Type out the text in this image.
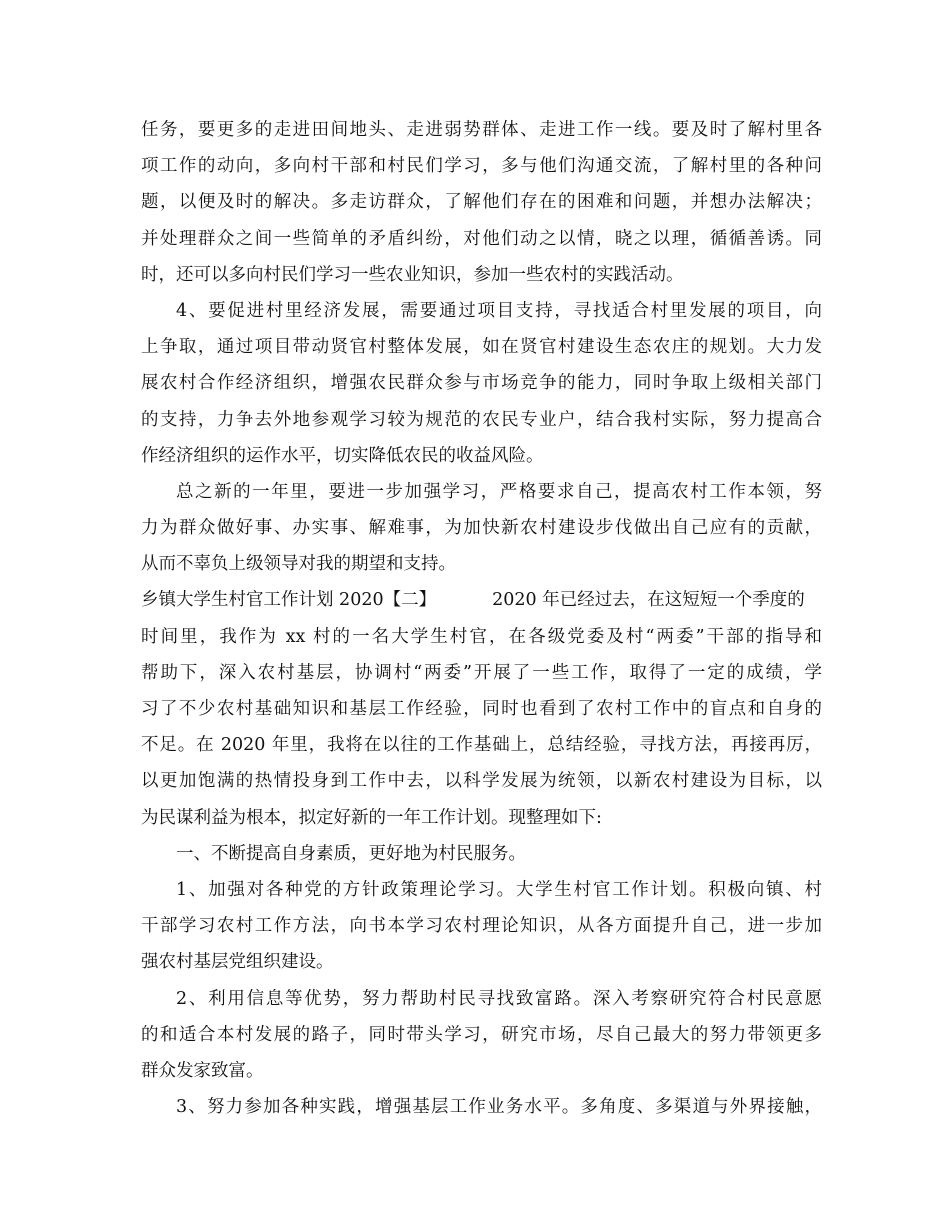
任务，要更多的走进田间地头、走进弱势群体、走进工作一线。要及时了解村里各
项工作的动向，多向村干部和村民们学习，多与他们沟通交流，了解村里的各种问
题，以便及时的解决。多走访群众，了解他们存在的困难和问题，并想办法解决；
并处理群众之间一些简单的矛盾纠纷，对他们动之以情，晓之以理，循循善诱。同
时，还可以多向村民们学习一些农业知识，参加一些农村的实践活动。
4、要促进村里经济发展，需要通过项目支持，寻找适合村里发展的项目，向
上争取，通过项目带动贤官村整体发展，如在贤官村建设生态农庄的规划。大力发
展农村合作经济组织，增强农民群众参与市场竞争的能力，同时争取上级相关部门
的支持，力争去外地参观学习较为规范的农民专业户，结合我村实际，努力提高合
作经济组织的运作水平，切实降低农民的收益风险。
总之新的一年里，要进一步加强学习，严格要求自己，提高农村工作本领，努
力为群众做好事、办实事、解难事，为加快新农村建设步伐做出自己应有的贡献，
从而不辜负上级领导对我的期望和支持。
乡镇大学生村官工作计划 2020【二】	2020 年已经过去，在这短短一个季度的
时间里，我作为 xx 村的一名大学生村官，在各级党委及村“两委”干部的指导和
帮助下，深入农村基层，协调村“两委”开展了一些工作，取得了一定的成绩，学
习了不少农村基础知识和基层工作经验，同时也看到了农村工作中的盲点和自身的
不足。在 2020 年里，我将在以往的工作基础上，总结经验，寻找方法，再接再厉，
以更加饱满的热情投身到工作中去，以科学发展为统领，以新农村建设为目标，以
为民谋利益为根本，拟定好新的一年工作计划。现整理如下:
一、不断提高自身素质，更好地为村民服务。
1、加强对各种党的方针政策理论学习。大学生村官工作计划。积极向镇、村
干部学习农村工作方法，向书本学习农村理论知识，从各方面提升自己，进一步加
强农村基层党组织建设。
2、利用信息等优势，努力帮助村民寻找致富路。深入考察研究符合村民意愿
的和适合本村发展的路子，同时带头学习，研究市场，尽自己最大的努力带领更多
群众发家致富。
3、努力参加各种实践，增强基层工作业务水平。多角度、多渠道与外界接触，
